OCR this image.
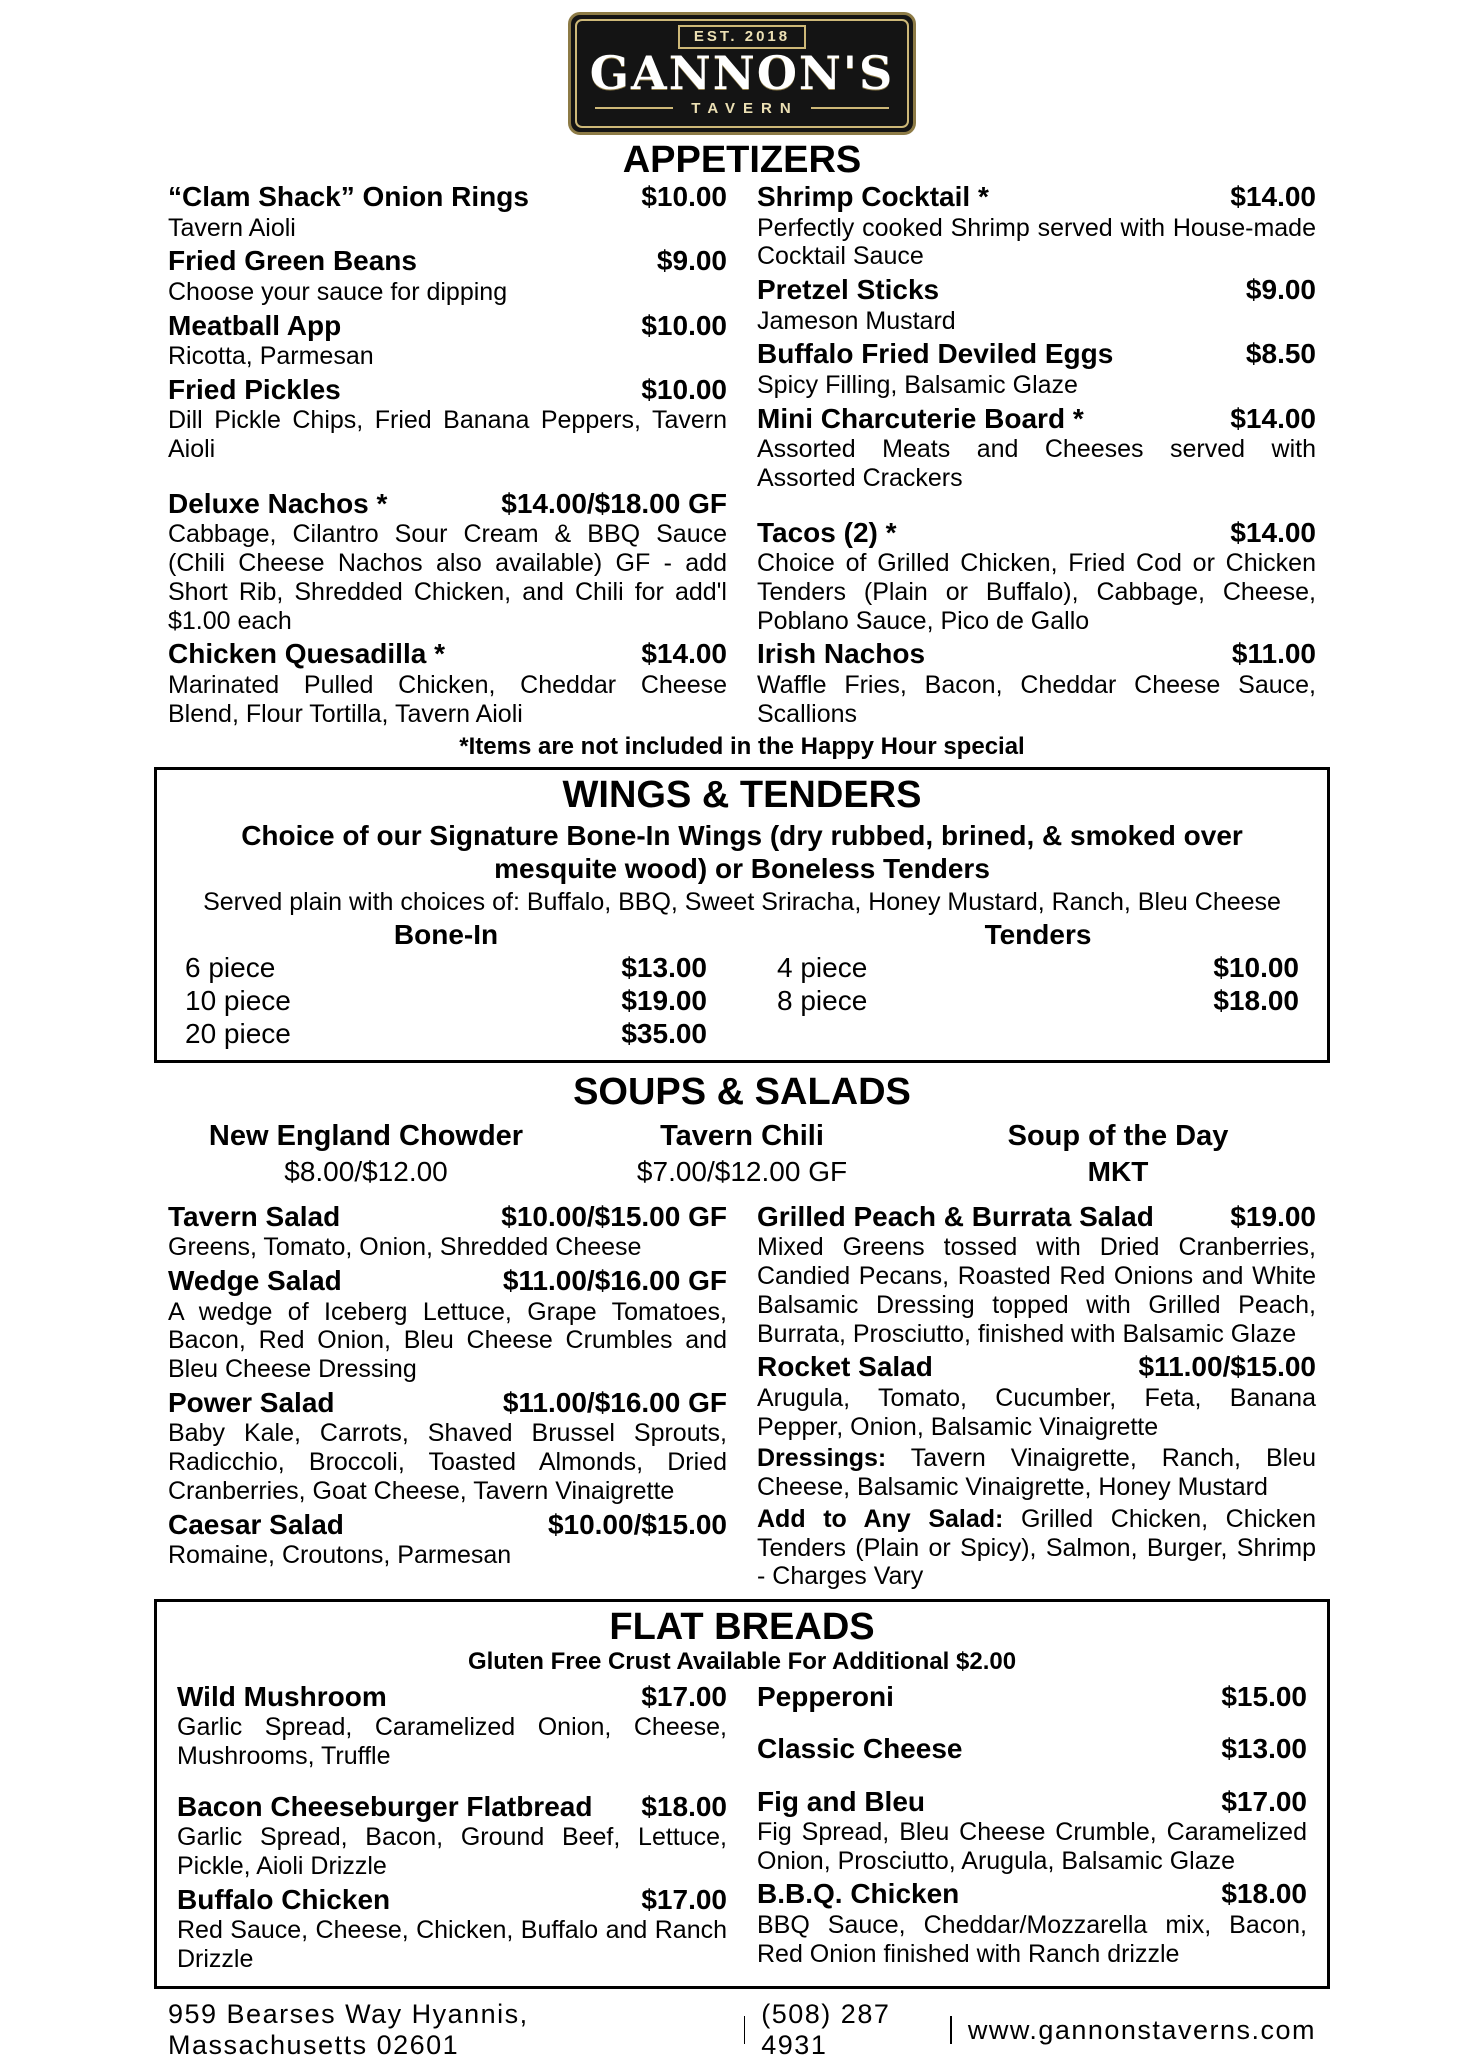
EST. 2018
GANNON'S
TAVERN
APPETIZERS
“Clam Shack” Onion Rings	$10.00

Tavern Aioli

Fried Green Beans	$9.00

Choose your sauce for dipping

Meatball App	$10.00

Ricotta, Parmesan

Fried Pickles	$10.00

Dill Pickle Chips, Fried Banana Peppers, Tavern Aioli

Deluxe Nachos *	$14.00/$18.00 GF

Cabbage, Cilantro Sour Cream & BBQ Sauce (Chili Cheese Nachos also available) GF - add Short Rib, Shredded Chicken, and Chili for add'l $1.00 each

Chicken Quesadilla *	$14.00

Marinated Pulled Chicken, Cheddar Cheese Blend, Flour Tortilla, Tavern Aioli

Shrimp Cocktail *	$14.00

Perfectly cooked Shrimp served with House-made Cocktail Sauce

Pretzel Sticks	$9.00

Jameson Mustard

Buffalo Fried Deviled Eggs	$8.50

Spicy Filling, Balsamic Glaze

Mini Charcuterie Board *	$14.00

Assorted Meats and Cheeses served with Assorted Crackers

Tacos (2) *	$14.00

Choice of Grilled Chicken, Fried Cod or Chicken Tenders (Plain or Buffalo), Cabbage, Cheese, Poblano Sauce, Pico de Gallo

Irish Nachos	$11.00

Waffle Fries, Bacon, Cheddar Cheese Sauce, Scallions

*Items are not included in the Happy Hour special

WINGS & TENDERS

Choice of our Signature Bone-In Wings (dry rubbed, brined, & smoked over mesquite wood) or Boneless Tenders

Served plain with choices of: Buffalo, BBQ, Sweet Sriracha, Honey Mustard, Ranch, Bleu Cheese

Bone-In
6 piece	$13.00
10 piece	$19.00
20 piece	$35.00
Tenders
4 piece	$10.00
8 piece	$18.00
SOUPS & SALADS
New England Chowder
$8.00/$12.00
Tavern Chili
$7.00/$12.00 GF
Soup of the Day
MKT
Tavern Salad	$10.00/$15.00 GF

Greens, Tomato, Onion, Shredded Cheese

Wedge Salad	$11.00/$16.00 GF

A wedge of Iceberg Lettuce, Grape Tomatoes, Bacon, Red Onion, Bleu Cheese Crumbles and Bleu Cheese Dressing

Power Salad	$11.00/$16.00 GF

Baby Kale, Carrots, Shaved Brussel Sprouts, Radicchio, Broccoli, Toasted Almonds, Dried Cranberries, Goat Cheese, Tavern Vinaigrette

Caesar Salad	$10.00/$15.00

Romaine, Croutons, Parmesan

Grilled Peach & Burrata Salad	$19.00

Mixed Greens tossed with Dried Cranberries, Candied Pecans, Roasted Red Onions and White Balsamic Dressing topped with Grilled Peach, Burrata, Prosciutto, finished with Balsamic Glaze

Rocket Salad	$11.00/$15.00

Arugula, Tomato, Cucumber, Feta, Banana Pepper, Onion, Balsamic Vinaigrette

Dressings: Tavern Vinaigrette, Ranch, Bleu Cheese, Balsamic Vinaigrette, Honey Mustard

Add to Any Salad: Grilled Chicken, Chicken Tenders (Plain or Spicy), Salmon, Burger, Shrimp - Charges Vary

FLAT BREADS

Gluten Free Crust Available For Additional $2.00

Wild Mushroom	$17.00

Garlic Spread, Caramelized Onion, Cheese, Mushrooms, Truffle

Bacon Cheeseburger Flatbread $18.00

Garlic Spread, Bacon, Ground Beef, Lettuce, Pickle, Aioli Drizzle

Buffalo Chicken	$17.00

Red Sauce, Cheese, Chicken, Buffalo and Ranch Drizzle

Pepperoni	$15.00
Classic Cheese	$13.00
Fig and Bleu	$17.00

Fig Spread, Bleu Cheese Crumble, Caramelized Onion, Prosciutto, Arugula, Balsamic Glaze

B.B.Q. Chicken	$18.00

BBQ Sauce, Cheddar/Mozzarella mix, Bacon, Red Onion finished with Ranch drizzle

959 Bearses Way Hyannis, Massachusetts 02601
(508) 287 4931
www.gannonstaverns.com
